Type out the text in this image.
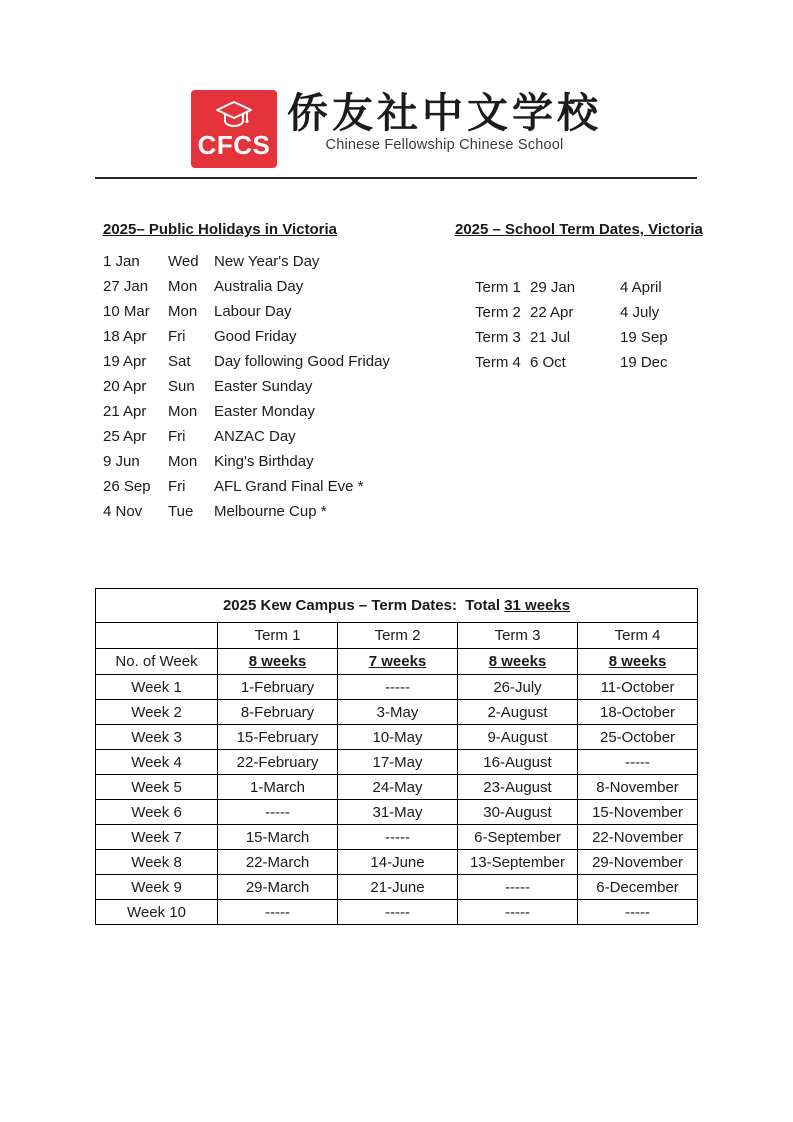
CFCS
侨友社中文学校
Chinese Fellowship Chinese School
2025– Public Holidays in Victoria
1 Jan	Wed	New Year's Day
27 Jan	Mon	Australia Day
10 Mar	Mon	Labour Day
18 Apr	Fri	Good Friday
19 Apr	Sat	Day following Good Friday
20 Apr	Sun	Easter Sunday
21 Apr	Mon	Easter Monday
25 Apr	Fri	ANZAC Day
9 Jun	Mon	King's Birthday
26 Sep	Fri	AFL Grand Final Eve *
4 Nov	Tue	Melbourne Cup *
2025 – School Term Dates, Victoria
Term 1 29 Jan	4 April
Term 2 22 Apr	4 July
Term 3 21 Jul	19 Sep
Term 4 6 Oct	19 Dec
2025 Kew Campus – Term Dates:  Total 31 weeks				
	Term 1	Term 2	Term 3	Term 4
No. of Week	8 weeks	7 weeks	8 weeks	8 weeks
Week 1	1-February	-----	26-July	11-October
Week 2	8-February	3-May	2-August	18-October
Week 3	15-February	10-May	9-August	25-October
Week 4	22-February	17-May	16-August	-----
Week 5	1-March	24-May	23-August	8-November
Week 6	-----	31-May	30-August	15-November
Week 7	15-March	-----	6-September	22-November
Week 8	22-March	14-June	13-September	29-November
Week 9	29-March	21-June	-----	6-December
Week 10	-----	-----	-----	-----
